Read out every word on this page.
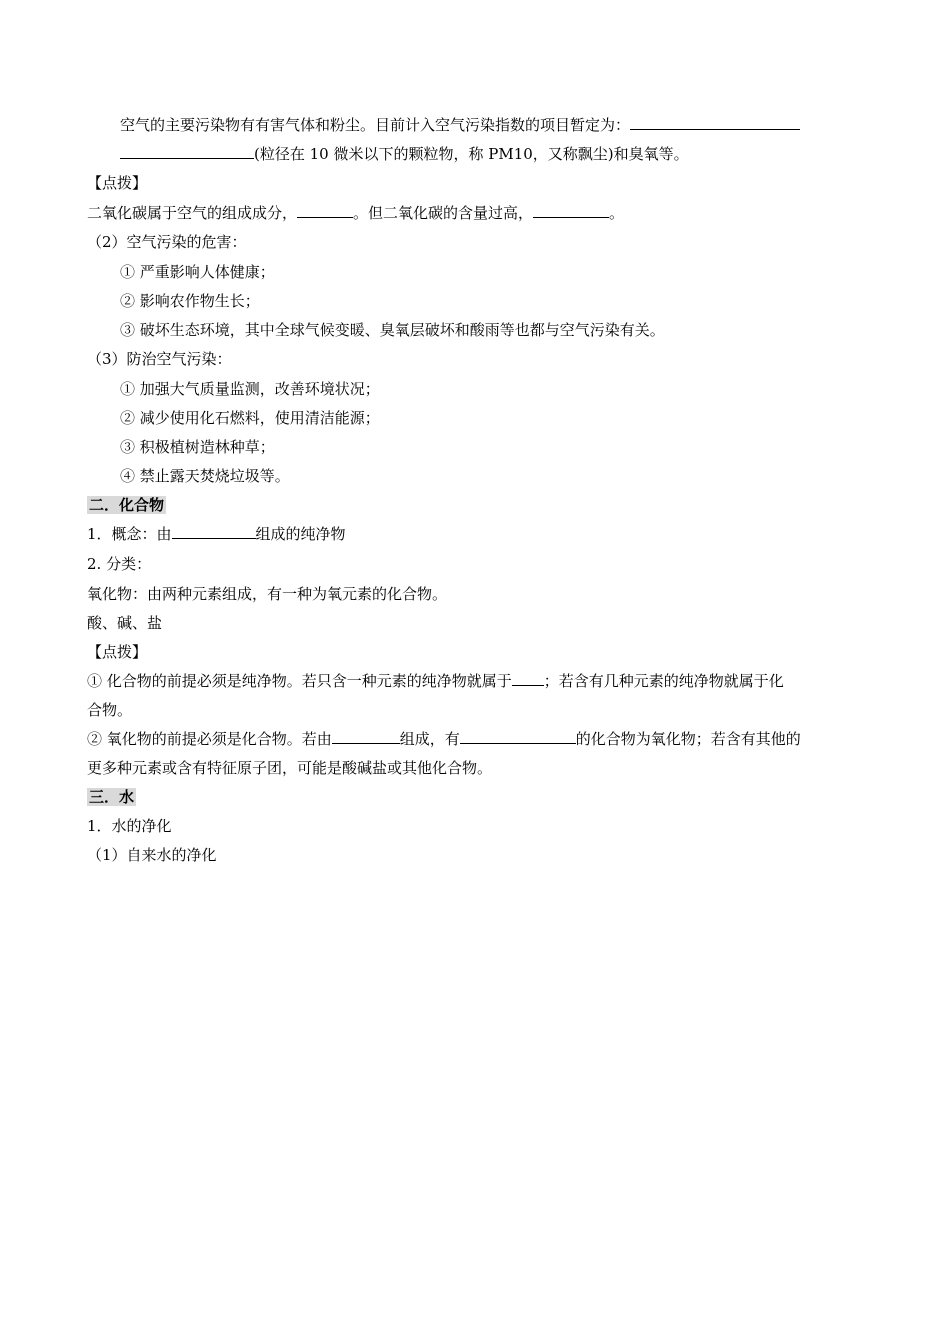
空气的主要污染物有有害气体和粉尘。目前计入空气污染指数的项目暂定为：
(粒径在 10 微米以下的颗粒物，称 PM10，又称飘尘)和臭氧等。
【点拨】
二氧化碳属于空气的组成成分，	。但二氧化碳的含量过高，	。
（2）空气污染的危害：
① 严重影响人体健康；
② 影响农作物生长；
③ 破坏生态环境，其中全球气候变暖、臭氧层破坏和酸雨等也都与空气污染有关。
（3）防治空气污染：
① 加强大气质量监测，改善环境状况；
② 减少使用化石燃料，使用清洁能源；
③ 积极植树造林种草；
④ 禁止露天焚烧垃圾等。
二．化合物
1．概念：由	组成的纯净物
2. 分类：
氧化物：由两种元素组成，有一种为氧元素的化合物。
酸、碱、盐
【点拨】
① 化合物的前提必须是纯净物。若只含一种元素的纯净物就属于 ；若含有几种元素的纯净物就属于化
合物。
② 氧化物的前提必须是化合物。若由	组成，有	的化合物为氧化物；若含有其他的
更多种元素或含有特征原子团，可能是酸碱盐或其他化合物。
三．水
1．水的净化
（1）自来水的净化
